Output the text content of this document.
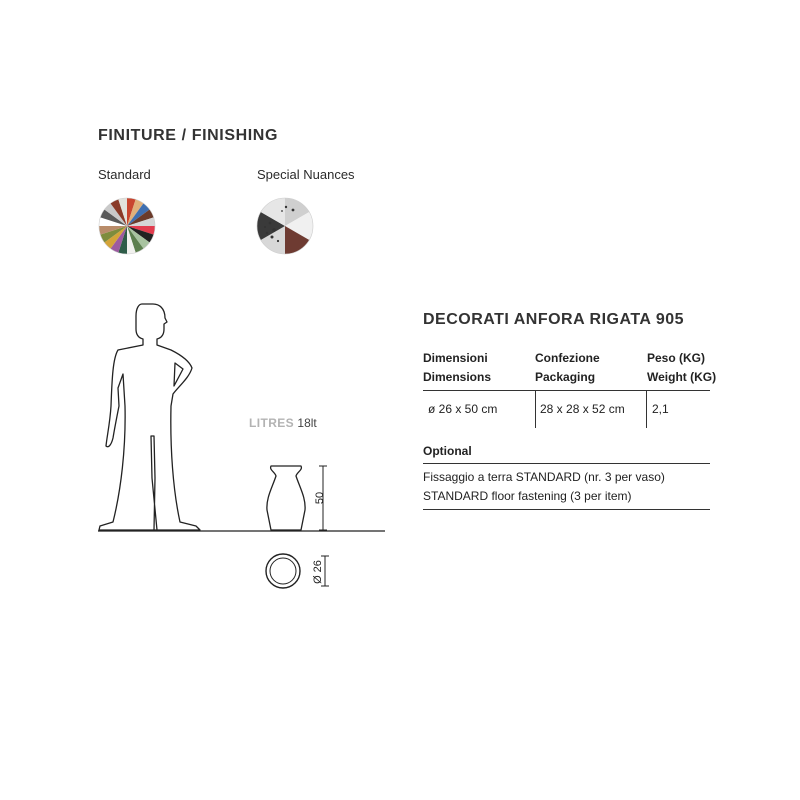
FINITURE / FINISHING
Standard	Special Nuances
50
Ø 26
LITRES 18lt
DECORATI ANFORA RIGATA 905
Dimensioni
Dimensions
Confezione
Packaging
Peso (KG)
Weight (KG)
ø 26 x 50 cm	28 x 28 x 52 cm 2,1
Optional
Fissaggio a terra STANDARD (nr. 3 per vaso)
STANDARD floor fastening (3 per item)
